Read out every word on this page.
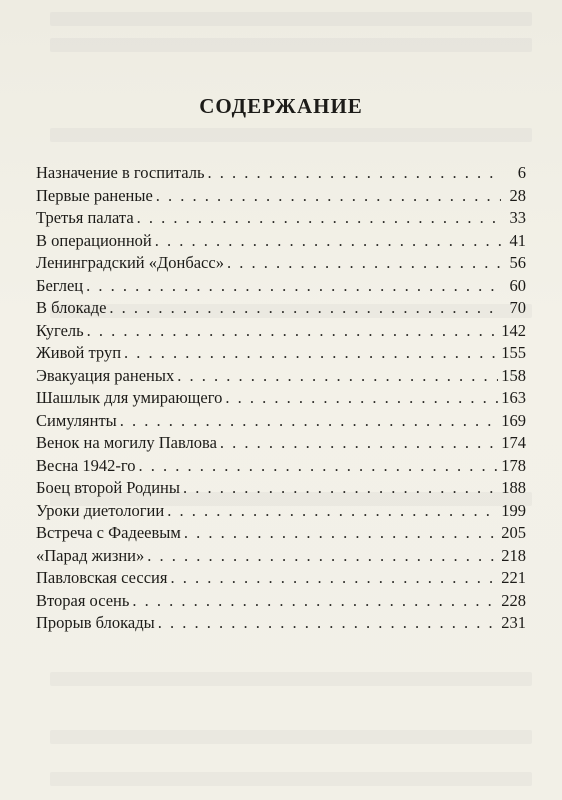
СОДЕРЖАНИЕ
Назначение в госпиталь . . .	6
Первые раненые . . .	28
Третья палата . . .	33
В операционной . . .	41
Ленинградский «Донбасс» . . .	56
Беглец . . .	60
В блокаде . . .	70
Кугель . . .	142
Живой труп . . .	155
Эвакуация раненых . . .	158
Шашлык для умирающего . . .	163
Симулянты . . .	169
Венок на могилу Павлова . . .	174
Весна 1942-го . . .	178
Боец второй Родины . . .	188
Уроки диетологии . . .	199
Встреча с Фадеевым . . .	205
«Парад жизни» . . .	218
Павловская сессия . . .	221
Вторая осень . . .	228
Прорыв блокады . . .	231
